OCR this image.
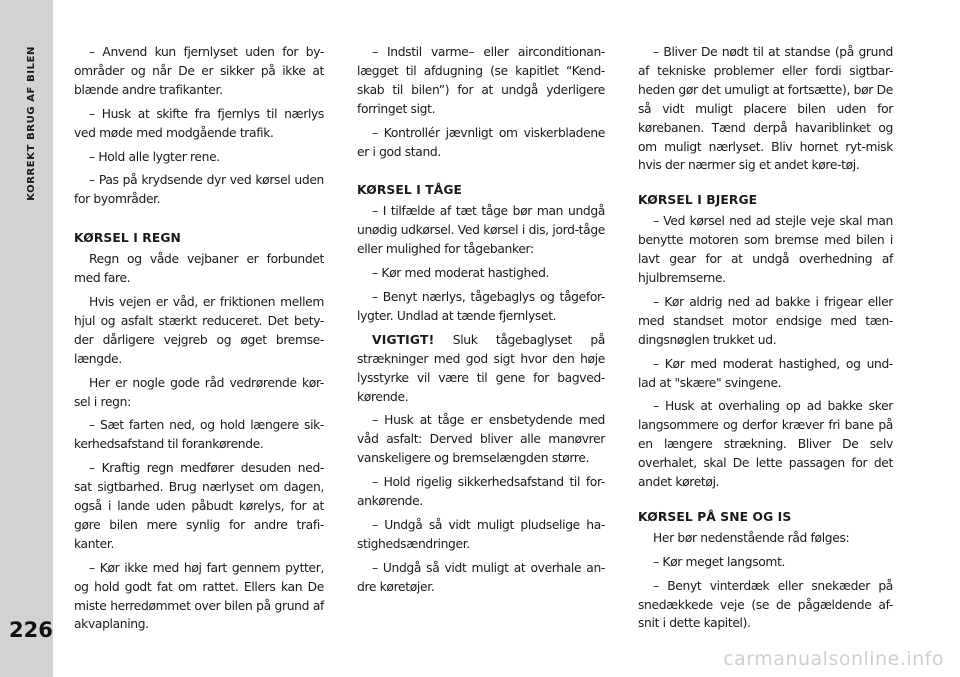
KORREKT BRUG AF BILEN
226

– Anvend kun fjernlyset uden for by-områder og når De er sikker på ikke at blænde andre trafikanter.

– Husk at skifte fra fjernlys til nærlys ved møde med modgående trafik.

– Hold alle lygter rene.

– Pas på krydsende dyr ved kørsel uden for byområder.

KØRSEL I REGN

Regn og våde vejbaner er forbundet med fare.

Hvis vejen er våd, er friktionen mellem hjul og asfalt stærkt reduceret. Det bety-der dårligere vejgreb og øget bremse-længde.

Her er nogle gode råd vedrørende kør-sel i regn:

– Sæt farten ned, og hold længere sik-kerhedsafstand til forankørende.

– Kraftig regn medfører desuden ned-sat sigtbarhed. Brug nærlyset om dagen, også i lande uden påbudt kørelys, for at gøre bilen mere synlig for andre trafi-kanter.

– Kør ikke med høj fart gennem pytter, og hold godt fat om rattet. Ellers kan De miste herredømmet over bilen på grund af akvaplaning.

– Indstil varme– eller airconditionan-lægget til afdugning (se kapitlet “Kend-skab til bilen”) for at undgå yderligere forringet sigt.

– Kontrollér jævnligt om viskerbladene er i god stand.

KØRSEL I TÅGE

– I tilfælde af tæt tåge bør man undgå unødig udkørsel. Ved kørsel i dis, jord-tåge eller mulighed for tågebanker:

– Kør med moderat hastighed.

– Benyt nærlys, tågebaglys og tågefor-lygter. Undlad at tænde fjernlyset.

VIGTIGT! Sluk tågebaglyset på strækninger med god sigt hvor den høje lysstyrke vil være til gene for bagved-kørende.

– Husk at tåge er ensbetydende med våd asfalt: Derved bliver alle manøvrer vanskeligere og bremselængden større.

– Hold rigelig sikkerhedsafstand til for-ankørende.

– Undgå så vidt muligt pludselige ha-stighedsændringer.

– Undgå så vidt muligt at overhale an-dre køretøjer.

– Bliver De nødt til at standse (på grund af tekniske problemer eller fordi sigtbar-heden gør det umuligt at fortsætte), bør De så vidt muligt placere bilen uden for kørebanen. Tænd derpå havariblinket og om muligt nærlyset. Bliv hornet ryt-misk hvis der nærmer sig et andet køre-tøj.

KØRSEL I BJERGE

– Ved kørsel ned ad stejle veje skal man benytte motoren som bremse med bilen i lavt gear for at undgå overhedning af hjulbremserne.

– Kør aldrig ned ad bakke i frigear eller med standset motor endsige med tæn-dingsnøglen trukket ud.

– Kør med moderat hastighed, og und-lad at "skære" svingene.

– Husk at overhaling op ad bakke sker langsommere og derfor kræver fri bane på en længere strækning. Bliver De selv overhalet, skal De lette passagen for det andet køretøj.

KØRSEL PÅ SNE OG IS

Her bør nedenstående råd følges:

– Kør meget langsomt.

– Benyt vinterdæk eller snekæder på snedækkede veje (se de pågældende af-snit i dette kapitel).

carmanualsonline.info
